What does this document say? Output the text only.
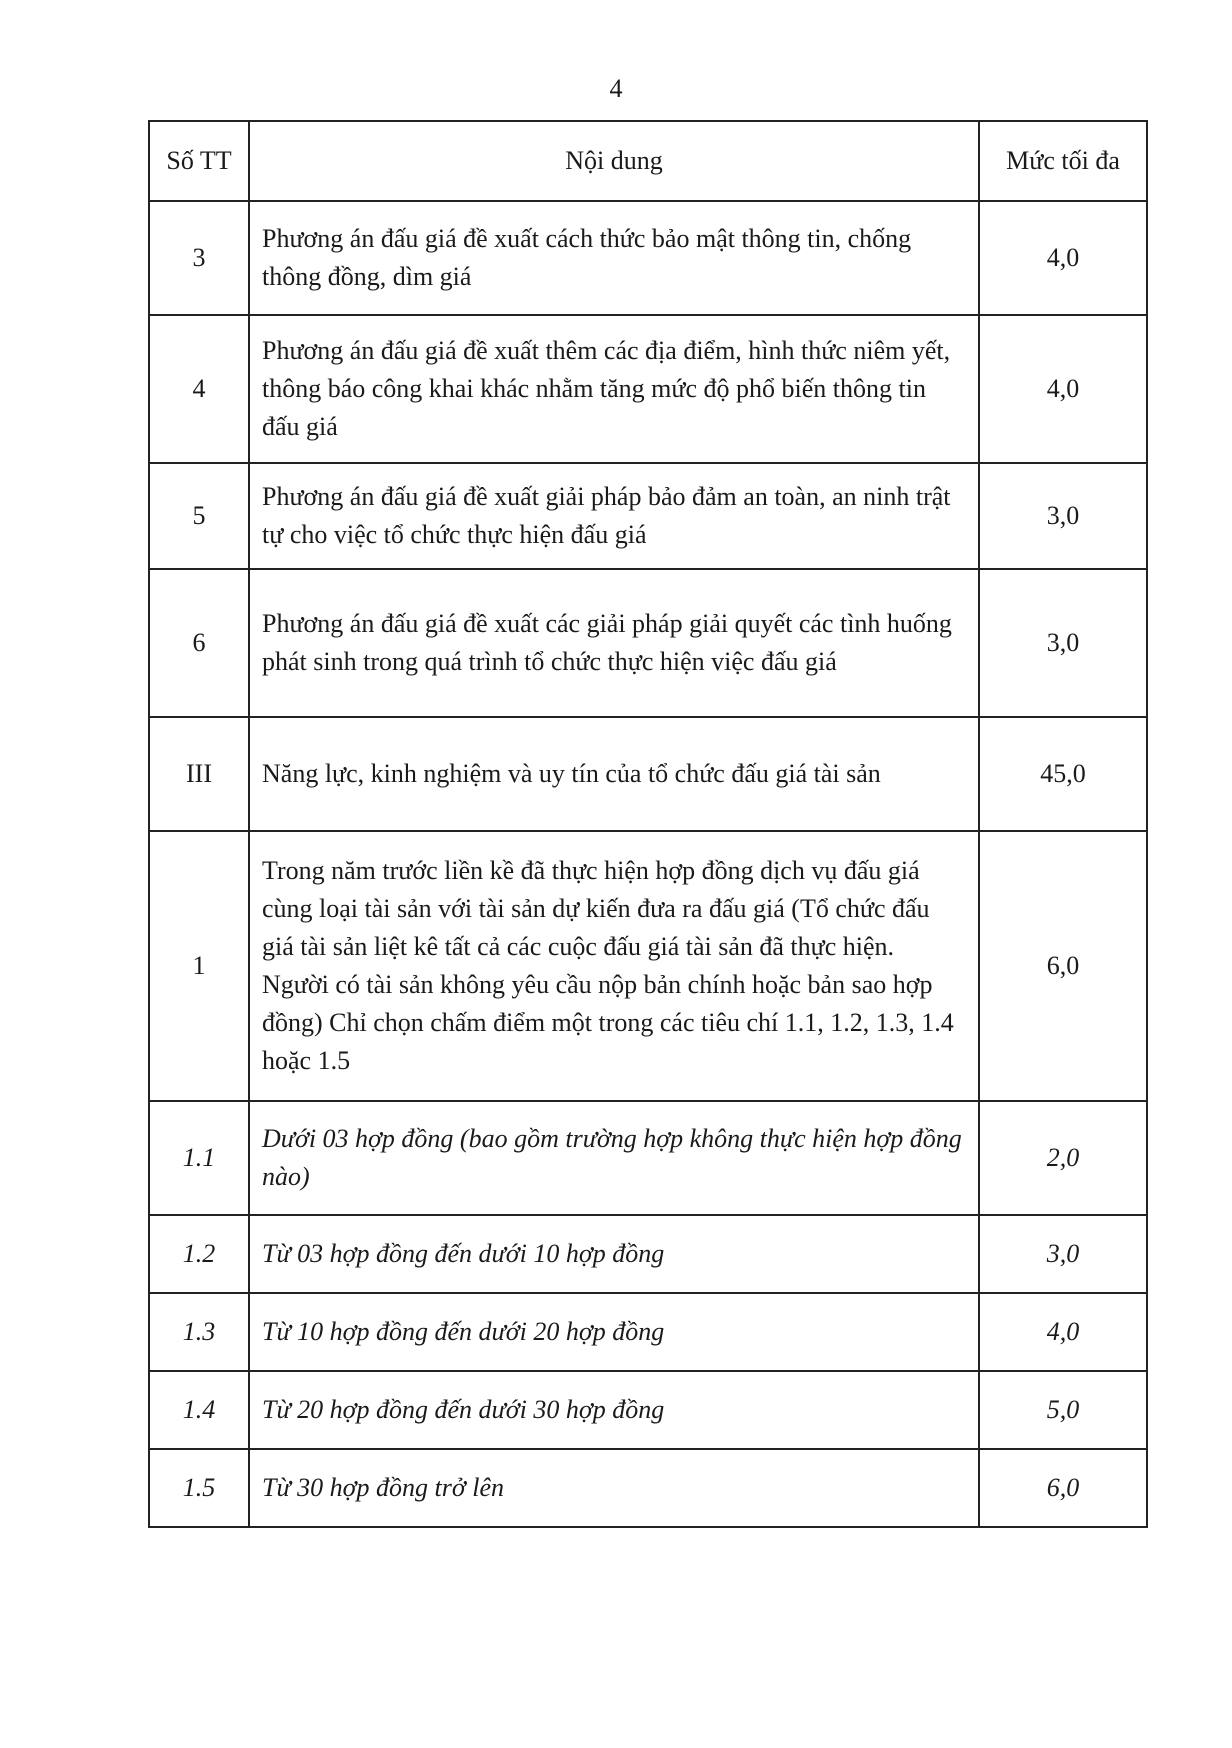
4
Số TT	Nội dung	Mức tối đa
3	Phương án đấu giá đề xuất cách thức bảo mật thông tin, chống thông đồng, dìm giá	4,0
4	Phương án đấu giá đề xuất thêm các địa điểm, hình thức niêm yết, thông báo công khai khác nhằm tăng mức độ phổ biến thông tin đấu giá	4,0
5	Phương án đấu giá đề xuất giải pháp bảo đảm an toàn, an ninh trật tự cho việc tổ chức thực hiện đấu giá	3,0
6	Phương án đấu giá đề xuất các giải pháp giải quyết các tình huống phát sinh trong quá trình tổ chức thực hiện việc đấu giá	3,0
III	Năng lực, kinh nghiệm và uy tín của tổ chức đấu giá tài sản	45,0
1	Trong năm trước liền kề đã thực hiện hợp đồng dịch vụ đấu giá cùng loại tài sản với tài sản dự kiến đưa ra đấu giá (Tổ chức đấu giá tài sản liệt kê tất cả các cuộc đấu giá tài sản đã thực hiện. Người có tài sản không yêu cầu nộp bản chính hoặc bản sao hợp đồng) Chỉ chọn chấm điểm một trong các tiêu chí 1.1, 1.2, 1.3, 1.4 hoặc 1.5	6,0
1.1	Dưới 03 hợp đồng (bao gồm trường hợp không thực hiện hợp đồng nào)	2,0
1.2	Từ 03 hợp đồng đến dưới 10 hợp đồng	3,0
1.3	Từ 10 hợp đồng đến dưới 20 hợp đồng	4,0
1.4	Từ 20 hợp đồng đến dưới 30 hợp đồng	5,0
1.5	Từ 30 hợp đồng trở lên	6,0
